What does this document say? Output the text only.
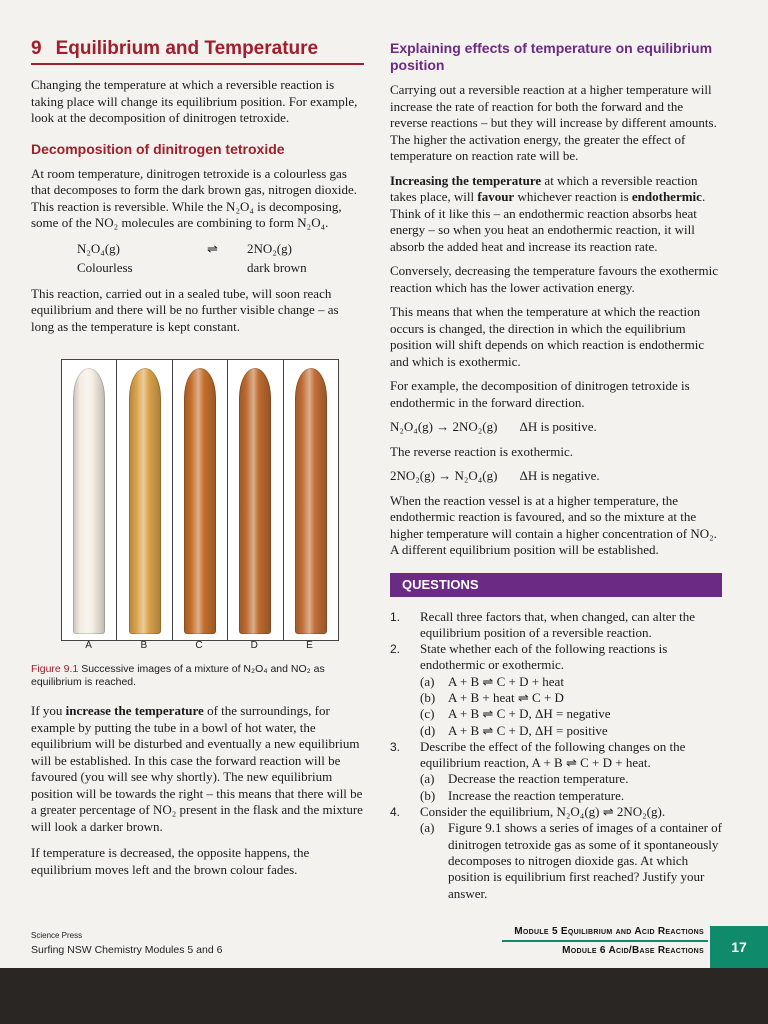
9 Equilibrium and Temperature

Changing the temperature at which a reversible reaction is taking place will change its equilibrium position. For example, look at the decomposition of dinitrogen tetroxide.

Decomposition of dinitrogen tetroxide

At room temperature, dinitrogen tetroxide is a colourless gas that decomposes to form the dark brown gas, nitrogen dioxide. This reaction is reversible. While the N₂O₄ is decomposing, some of the NO₂ molecules are combining to form N₂O₄.

N₂O₄(g)	⇌	2NO₂(g)
Colourless	dark brown

This reaction, carried out in a sealed tube, will soon reach equilibrium and there will be no further visible change – as long as the temperature is kept constant.

A	B	C	D	E
Figure 9.1 Successive images of a mixture of N₂O₄ and NO₂ as equilibrium is reached.

If you increase the temperature of the surroundings, for example by putting the tube in a bowl of hot water, the equilibrium will be disturbed and eventually a new equilibrium will be established. In this case the forward reaction will be favoured (you will see why shortly). The new equilibrium position will be towards the right – this means that there will be a greater percentage of NO₂ present in the flask and the mixture will look a darker brown.

If temperature is decreased, the opposite happens, the equilibrium moves left and the brown colour fades.

Explaining effects of temperature on equilibrium position

Carrying out a reversible reaction at a higher temperature will increase the rate of reaction for both the forward and the reverse reactions – but they will increase by different amounts. The higher the activation energy, the greater the effect of temperature on reaction rate will be.

Increasing the temperature at which a reversible reaction takes place, will favour whichever reaction is endothermic. Think of it like this – an endothermic reaction absorbs heat energy – so when you heat an endothermic reaction, it will absorb the added heat and increase its reaction rate.

Conversely, decreasing the temperature favours the exothermic reaction which has the lower activation energy.

This means that when the temperature at which the reaction occurs is changed, the direction in which the equilibrium position will shift depends on which reaction is endothermic and which is exothermic.

For example, the decomposition of dinitrogen tetroxide is endothermic in the forward direction.

N₂O₄(g) → 2NO₂(g) ΔH is positive.

The reverse reaction is exothermic.

2NO₂(g) → N₂O₄(g) ΔH is negative.

When the reaction vessel is at a higher temperature, the endothermic reaction is favoured, and so the mixture at the higher temperature will contain a higher concentration of NO₂. A different equilibrium position will be established.

QUESTIONS
1.	Recall three factors that, when changed, can alter the equilibrium position of a reversible reaction.
2.	State whether each of the following reactions is endothermic or exothermic.
(a)	A + B ⇌ C + D + heat
(b) A + B + heat ⇌ C + D
(c)	A + B ⇌ C + D, ΔH = negative
(d) A + B ⇌ C + D, ΔH = positive
3.	Describe the effect of the following changes on the equilibrium reaction, A + B ⇌ C + D + heat.
(a)	Decrease the reaction temperature.
(b) Increase the reaction temperature.
4.	Consider the equilibrium, N₂O₄(g) ⇌ 2NO₂(g).
(a)	Figure 9.1 shows a series of images of a container of dinitrogen tetroxide gas as some of it spontaneously decomposes to nitrogen dioxide gas. At which position is equilibrium first reached? Justify your answer.
Science Press
Surfing NSW Chemistry Modules 5 and 6
Module 5 Equilibrium and Acid Reactions
Module 6 Acid/Base Reactions	17
